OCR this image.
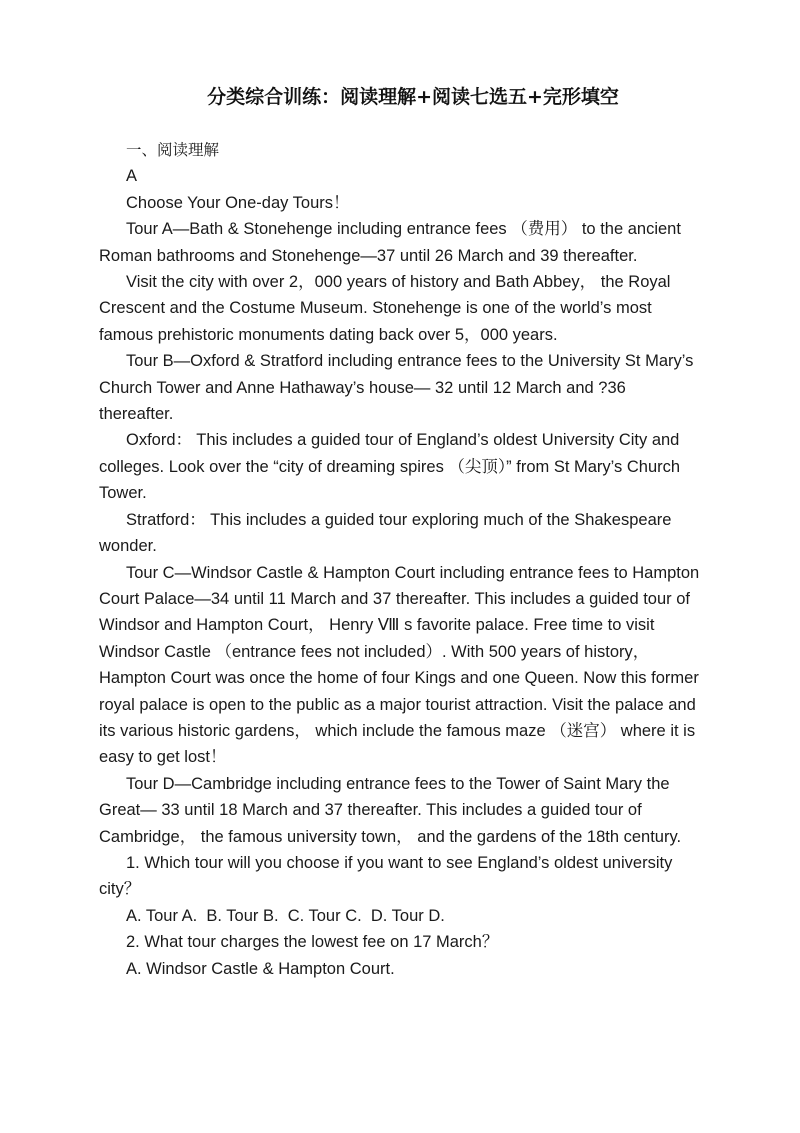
分类综合训练：阅读理解+阅读七选五+完形填空

一、阅读理解

A

Choose Your One-day Tours！

Tour A—Bath & Stonehenge including entrance fees （费用） to the ancient Roman bathrooms and Stonehenge—37 until 26 March and 39 thereafter.

Visit the city with over 2，000 years of history and Bath Abbey， the Royal Crescent and the Costume Museum. Stonehenge is one of the world’s most famous prehistoric monuments dating back over 5，000 years.

Tour B—Oxford & Stratford including entrance fees to the University St Mary’s Church Tower and Anne Hathaway’s house— 32 until 12 March and ?36 thereafter.

Oxford： This includes a guided tour of England’s oldest University City and colleges. Look over the “city of dreaming spires （尖顶）” from St Mary’s Church Tower.

Stratford： This includes a guided tour exploring much of the Shakespeare wonder.

Tour C—Windsor Castle & Hampton Court including entrance fees to Hampton Court Palace—34 until 11 March and 37 thereafter. This includes a guided tour of Windsor and Hampton Court， Henry Ⅷ s favorite palace. Free time to visit Windsor Castle （entrance fees not included）. With 500 years of history， Hampton Court was once the home of four Kings and one Queen. Now this former royal palace is open to the public as a major tourist attraction. Visit the palace and its various historic gardens， which include the famous maze （迷宫） where it is easy to get lost！

Tour D—Cambridge including entrance fees to the Tower of Saint Mary the Great— 33 until 18 March and 37 thereafter. This includes a guided tour of Cambridge， the famous university town， and the gardens of the 18th century.

1. Which tour will you choose if you want to see England’s oldest university city？

A. Tour A.  B. Tour B.  C. Tour C.  D. Tour D.

2. What tour charges the lowest fee on 17 March？

A. Windsor Castle & Hampton Court.
